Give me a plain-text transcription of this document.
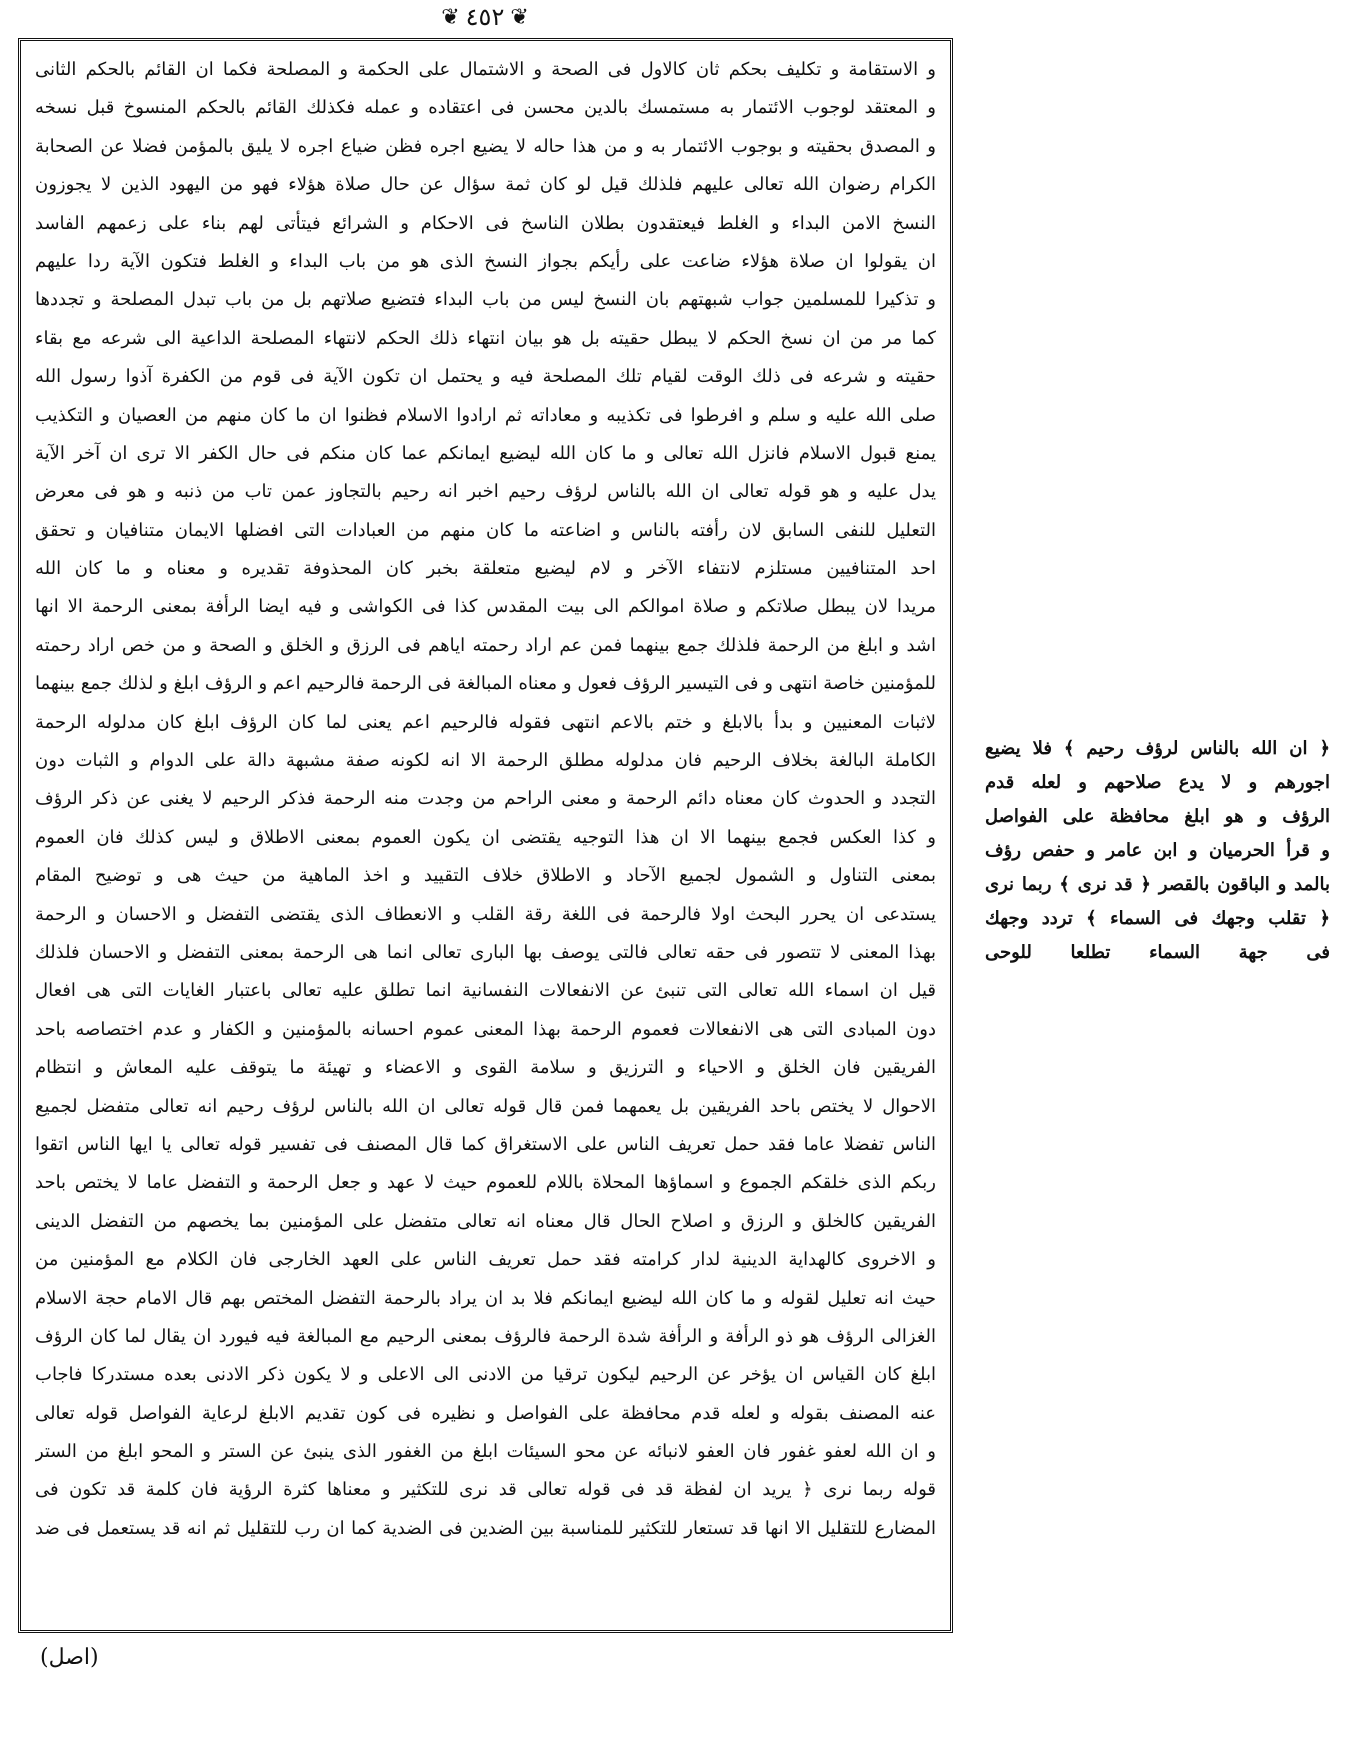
❦ ٤٥٢ ❦
و الاستقامة و تكليف بحكم ثان كالاول فى الصحة و الاشتمال على الحكمة و المصلحة فكما ان القائم بالحكم الثانى
و المعتقد لوجوب الائتمار به مستمسك بالدين محسن فى اعتقاده و عمله فكذلك القائم بالحكم المنسوخ قبل نسخه
و المصدق بحقيته و بوجوب الائتمار به و من هذا حاله لا يضيع اجره فظن ضياع اجره لا يليق بالمؤمن فضلا عن الصحابة
الكرام رضوان الله تعالى عليهم فلذلك قيل لو كان ثمة سؤال عن حال صلاة هؤلاء فهو من اليهود الذين لا يجوزون
النسخ الامن البداء و الغلط فيعتقدون بطلان الناسخ فى الاحكام و الشرائع فيتأتى لهم بناء على زعمهم الفاسد
ان يقولوا ان صلاة هؤلاء ضاعت على رأيكم بجواز النسخ الذى هو من باب البداء و الغلط فتكون الآية ردا عليهم
و تذكيرا للمسلمين جواب شبهتهم بان النسخ ليس من باب البداء فتضيع صلاتهم بل من باب تبدل المصلحة و تجددها
كما مر من ان نسخ الحكم لا يبطل حقيته بل هو بيان انتهاء ذلك الحكم لانتهاء المصلحة الداعية الى شرعه مع بقاء
حقيته و شرعه فى ذلك الوقت لقيام تلك المصلحة فيه و يحتمل ان تكون الآية فى قوم من الكفرة آذوا رسول الله
صلى الله عليه و سلم و افرطوا فى تكذيبه و معاداته ثم ارادوا الاسلام فظنوا ان ما كان منهم من العصيان و التكذيب
يمنع قبول الاسلام فانزل الله تعالى و ما كان الله ليضيع ايمانكم عما كان منكم فى حال الكفر الا ترى ان آخر الآية
يدل عليه و هو قوله تعالى ان الله بالناس لرؤف رحيم اخبر انه رحيم بالتجاوز عمن تاب من ذنبه و هو فى معرض
التعليل للنفى السابق لان رأفته بالناس و اضاعته ما كان منهم من العبادات التى افضلها الايمان متنافيان و تحقق
احد المتنافيين مستلزم لانتفاء الآخر و لام ليضيع متعلقة بخبر كان المحذوفة تقديره و معناه و ما كان الله
مريدا لان يبطل صلاتكم و صلاة اموالكم الى بيت المقدس كذا فى الكواشى و فيه ايضا الرأفة بمعنى الرحمة الا انها
اشد و ابلغ من الرحمة فلذلك جمع بينهما فمن عم اراد رحمته اياهم فى الرزق و الخلق و الصحة و من خص اراد رحمته
للمؤمنين خاصة انتهى و فى التيسير الرؤف فعول و معناه المبالغة فى الرحمة فالرحيم اعم و الرؤف ابلغ و لذلك جمع بينهما
لاثبات المعنيين و بدأ بالابلغ و ختم بالاعم انتهى فقوله فالرحيم اعم يعنى لما كان الرؤف ابلغ كان مدلوله الرحمة
الكاملة البالغة بخلاف الرحيم فان مدلوله مطلق الرحمة الا انه لكونه صفة مشبهة دالة على الدوام و الثبات دون
التجدد و الحدوث كان معناه دائم الرحمة و معنى الراحم من وجدت منه الرحمة فذكر الرحيم لا يغنى عن ذكر الرؤف
و كذا العكس فجمع بينهما الا ان هذا التوجيه يقتضى ان يكون العموم بمعنى الاطلاق و ليس كذلك فان العموم
بمعنى التناول و الشمول لجميع الآحاد و الاطلاق خلاف التقييد و اخذ الماهية من حيث هى و توضيح المقام
يستدعى ان يحرر البحث اولا فالرحمة فى اللغة رقة القلب و الانعطاف الذى يقتضى التفضل و الاحسان و الرحمة
بهذا المعنى لا تتصور فى حقه تعالى فالتى يوصف بها البارى تعالى انما هى الرحمة بمعنى التفضل و الاحسان فلذلك
قيل ان اسماء الله تعالى التى تنبئ عن الانفعالات النفسانية انما تطلق عليه تعالى باعتبار الغايات التى هى افعال
دون المبادى التى هى الانفعالات فعموم الرحمة بهذا المعنى عموم احسانه بالمؤمنين و الكفار و عدم اختصاصه باحد
الفريقين فان الخلق و الاحياء و الترزيق و سلامة القوى و الاعضاء و تهيئة ما يتوقف عليه المعاش و انتظام
الاحوال لا يختص باحد الفريقين بل يعمهما فمن قال قوله تعالى ان الله بالناس لرؤف رحيم انه تعالى متفضل لجميع
الناس تفضلا عاما فقد حمل تعريف الناس على الاستغراق كما قال المصنف فى تفسير قوله تعالى يا ايها الناس اتقوا
ربكم الذى خلقكم الجموع و اسماؤها المحلاة باللام للعموم حيث لا عهد و جعل الرحمة و التفضل عاما لا يختص باحد
الفريقين كالخلق و الرزق و اصلاح الحال قال معناه انه تعالى متفضل على المؤمنين بما يخصهم من التفضل الدينى
و الاخروى كالهداية الدينية لدار كرامته فقد حمل تعريف الناس على العهد الخارجى فان الكلام مع المؤمنين من
حيث انه تعليل لقوله و ما كان الله ليضيع ايمانكم فلا بد ان يراد بالرحمة التفضل المختص بهم قال الامام حجة الاسلام
الغزالى الرؤف هو ذو الرأفة و الرأفة شدة الرحمة فالرؤف بمعنى الرحيم مع المبالغة فيه فيورد ان يقال لما كان الرؤف
ابلغ كان القياس ان يؤخر عن الرحيم ليكون ترقيا من الادنى الى الاعلى و لا يكون ذكر الادنى بعده مستدركا فاجاب
عنه المصنف بقوله و لعله قدم محافظة على الفواصل و نظيره فى كون تقديم الابلغ لرعاية الفواصل قوله تعالى
و ان الله لعفو غفور فان العفو لانبائه عن محو السيئات ابلغ من الغفور الذى ينبئ عن الستر و المحو ابلغ من الستر
قوله ربما نرى ﴿ يريد ان لفظة قد فى قوله تعالى قد نرى للتكثير و معناها كثرة الرؤية فان كلمة قد تكون فى
المضارع للتقليل الا انها قد تستعار للتكثير للمناسبة بين الضدين فى الضدية كما ان رب للتقليل ثم انه قد يستعمل فى ضد
﴿ ان الله بالناس لرؤف رحيم ﴾ فلا يضيع
اجورهم و لا يدع صلاحهم و لعله قدم
الرؤف و هو ابلغ محافظة على الفواصل
و قرأ الحرميان و ابن عامر و حفص رؤف
بالمد و الباقون بالقصر ﴿ قد نرى ﴾ ربما نرى
﴿ تقلب وجهك فى السماء ﴾ تردد وجهك
فى جهة السماء تطلعا للوحى
(اصل)
